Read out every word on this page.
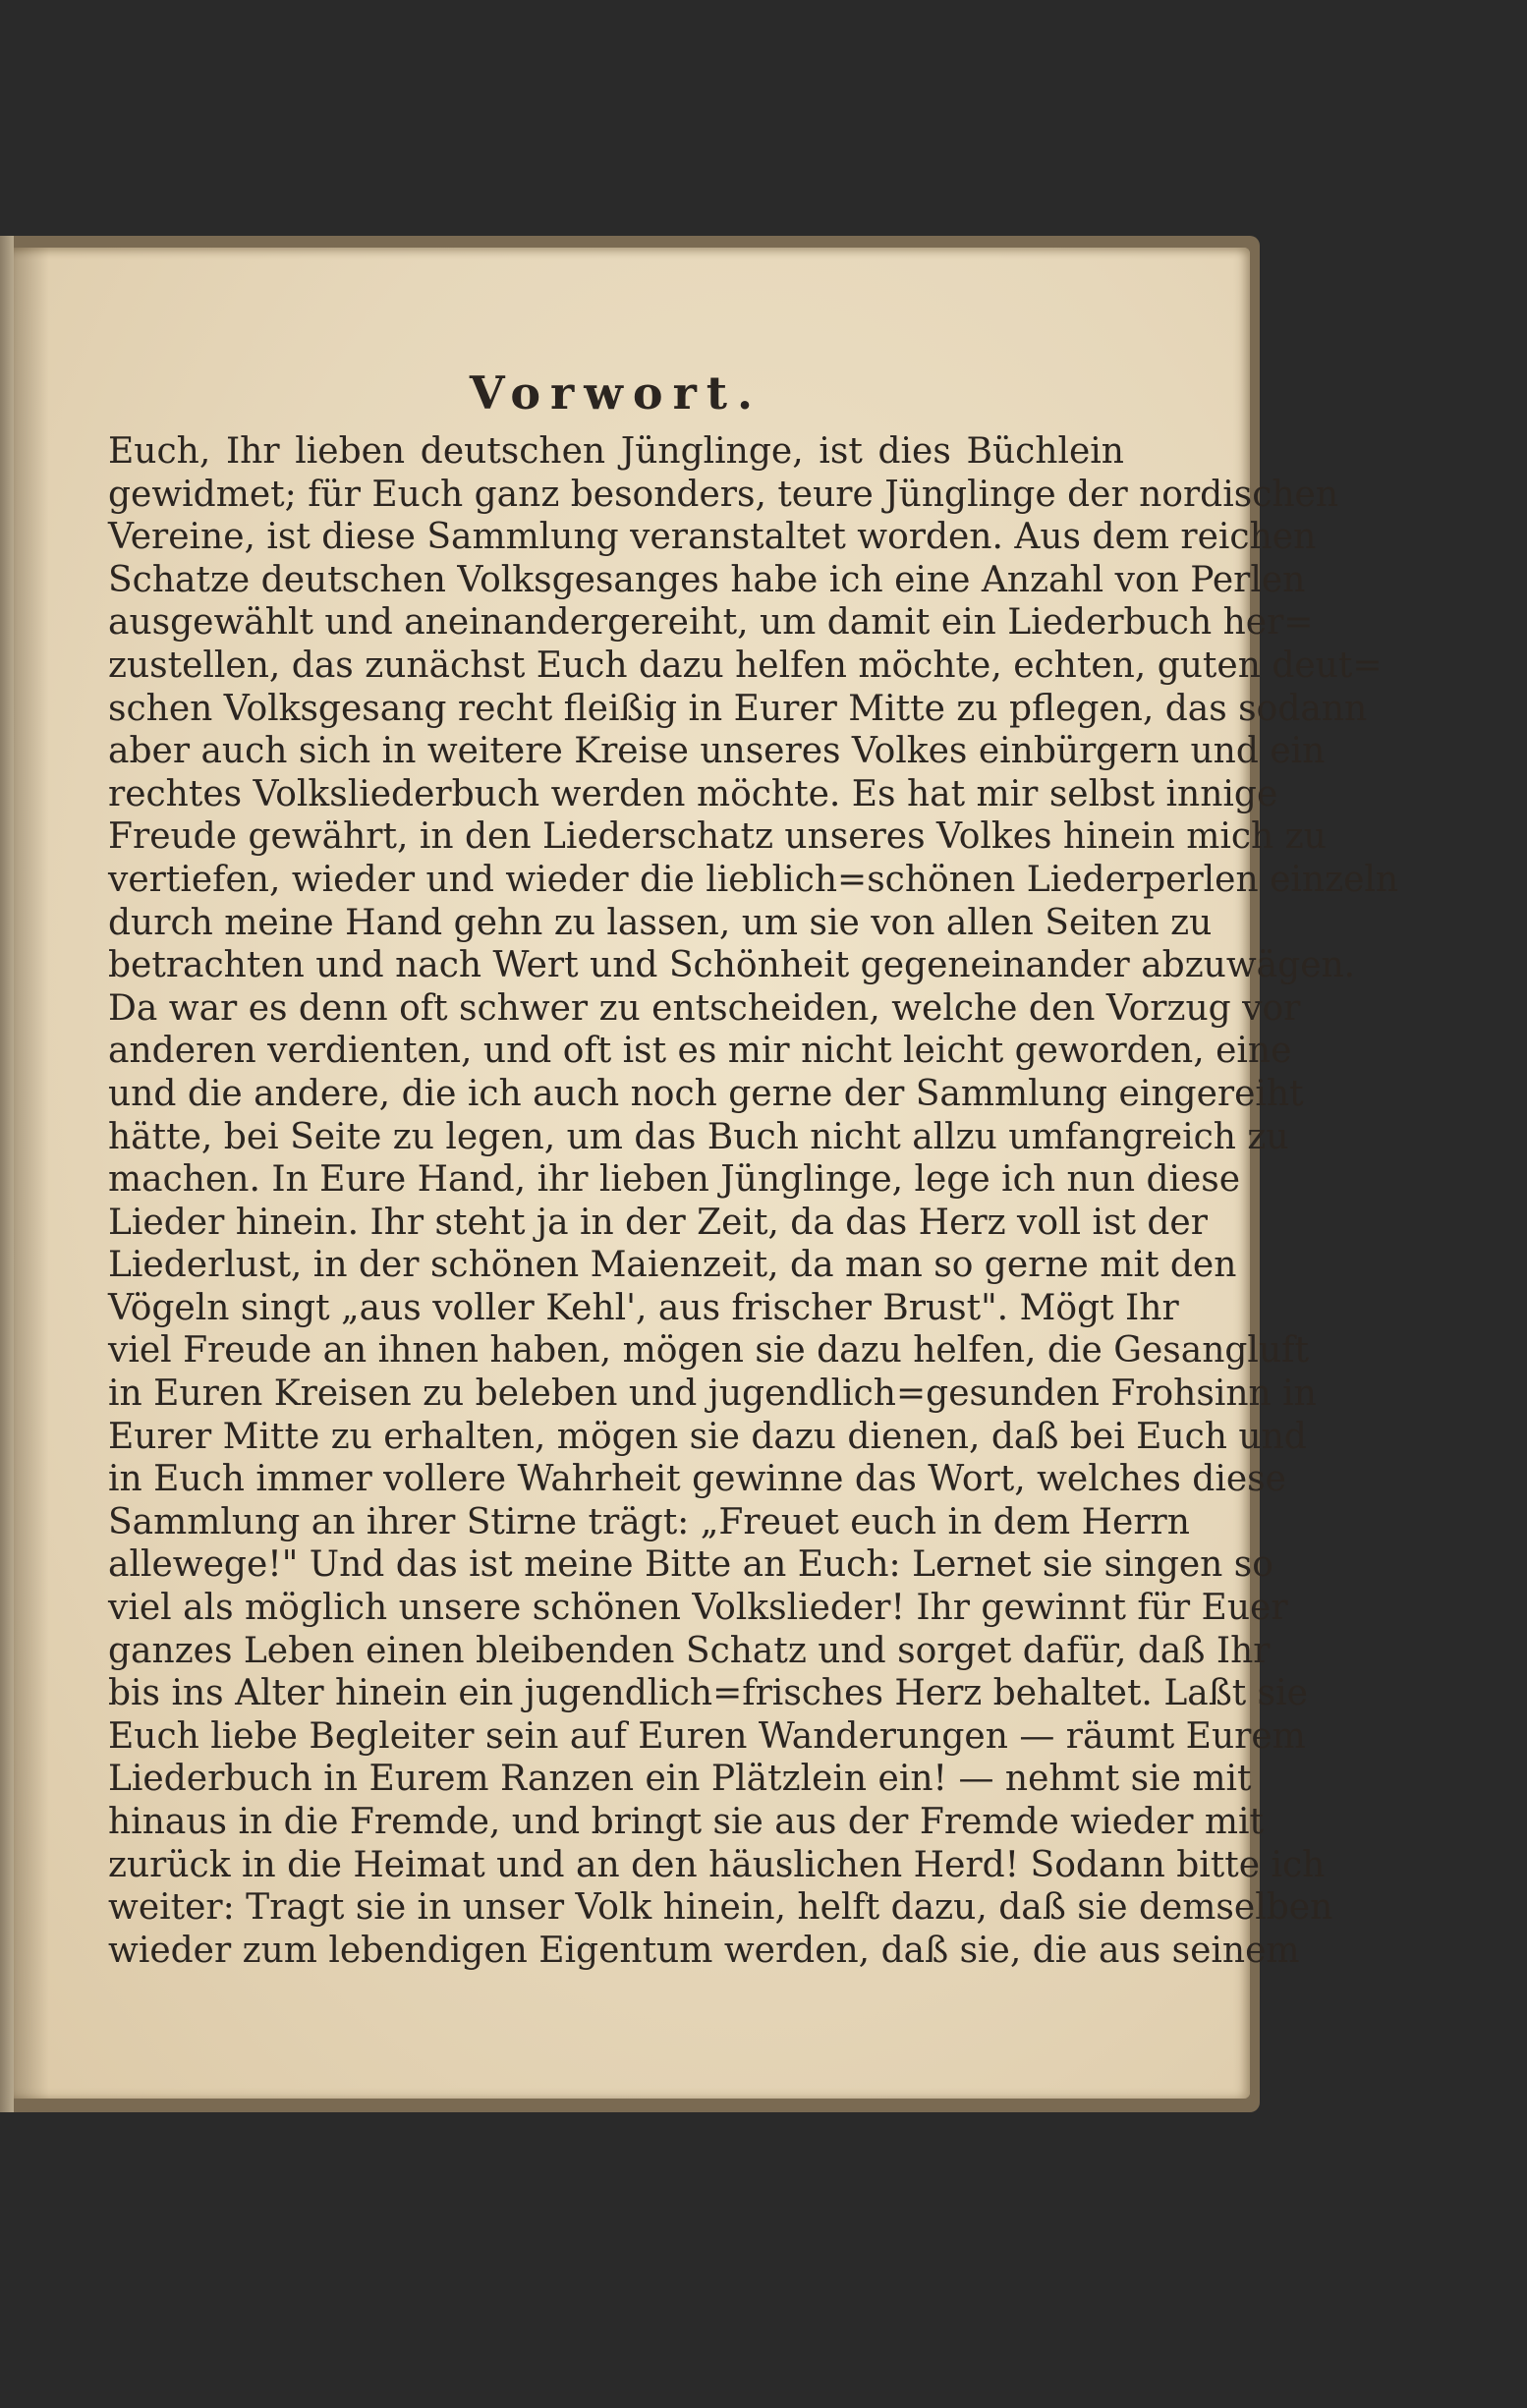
Vorwort.
Euch, Ihr lieben deutschen Jünglinge, ist dies Büchlein
gewidmet; für Euch ganz besonders, teure Jünglinge der nordischen
Vereine, ist diese Sammlung veranstaltet worden. Aus dem reichen
Schatze deutschen Volksgesanges habe ich eine Anzahl von Perlen
ausgewählt und aneinandergereiht, um damit ein Liederbuch her=
zustellen, das zunächst Euch dazu helfen möchte, echten, guten deut=
schen Volksgesang recht fleißig in Eurer Mitte zu pflegen, das sodann
aber auch sich in weitere Kreise unseres Volkes einbürgern und ein
rechtes Volksliederbuch werden möchte. Es hat mir selbst innige
Freude gewährt, in den Liederschatz unseres Volkes hinein mich zu
vertiefen, wieder und wieder die lieblich=schönen Liederperlen einzeln
durch meine Hand gehn zu lassen, um sie von allen Seiten zu
betrachten und nach Wert und Schönheit gegeneinander abzuwägen.
Da war es denn oft schwer zu entscheiden, welche den Vorzug vor
anderen verdienten, und oft ist es mir nicht leicht geworden, eine
und die andere, die ich auch noch gerne der Sammlung eingereiht
hätte, bei Seite zu legen, um das Buch nicht allzu umfangreich zu
machen. In Eure Hand, ihr lieben Jünglinge, lege ich nun diese
Lieder hinein. Ihr steht ja in der Zeit, da das Herz voll ist der
Liederlust, in der schönen Maienzeit, da man so gerne mit den
Vögeln singt „aus voller Kehl', aus frischer Brust". Mögt Ihr
viel Freude an ihnen haben, mögen sie dazu helfen, die Gesangluft
in Euren Kreisen zu beleben und jugendlich=gesunden Frohsinn in
Eurer Mitte zu erhalten, mögen sie dazu dienen, daß bei Euch und
in Euch immer vollere Wahrheit gewinne das Wort, welches diese
Sammlung an ihrer Stirne trägt: „Freuet euch in dem Herrn
allewege!" Und das ist meine Bitte an Euch: Lernet sie singen so
viel als möglich unsere schönen Volkslieder! Ihr gewinnt für Euer
ganzes Leben einen bleibenden Schatz und sorget dafür, daß Ihr
bis ins Alter hinein ein jugendlich=frisches Herz behaltet. Laßt sie
Euch liebe Begleiter sein auf Euren Wanderungen — räumt Eurem
Liederbuch in Eurem Ranzen ein Plätzlein ein! — nehmt sie mit
hinaus in die Fremde, und bringt sie aus der Fremde wieder mit
zurück in die Heimat und an den häuslichen Herd! Sodann bitte ich
weiter: Tragt sie in unser Volk hinein, helft dazu, daß sie demselben
wieder zum lebendigen Eigentum werden, daß sie, die aus seinem
